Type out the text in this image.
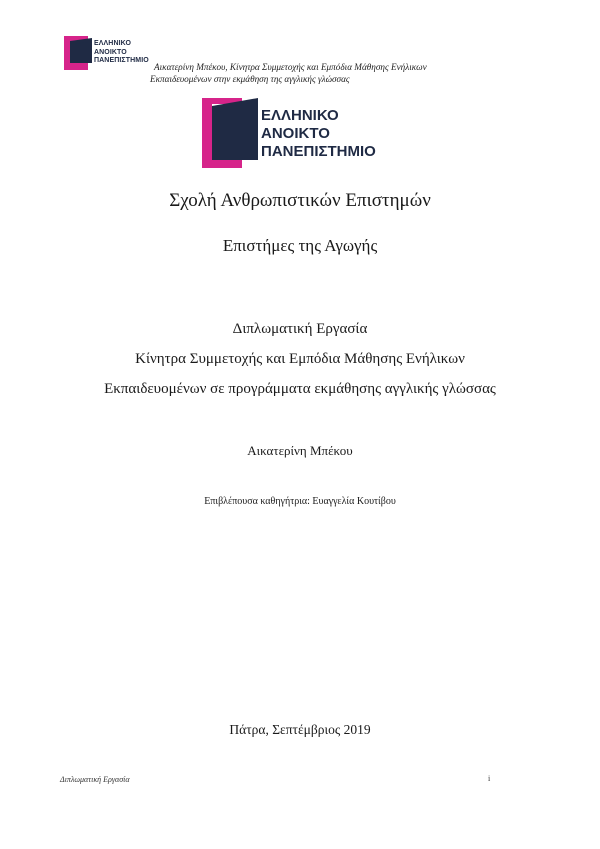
ΕΛΛΗΝΙΚΟ
ΑΝΟΙΚΤΟ
ΠΑΝΕΠΙΣΤΗΜΙΟ
Αικατερίνη Μπέκου, Κίνητρα Συμμετοχής και Εμπόδια Μάθησης Ενήλικων
Εκπαιδευομένων στην εκμάθηση της αγγλικής γλώσσας
ΕΛΛΗΝΙΚΟ
ΑΝΟΙΚΤΟ
ΠΑΝΕΠΙΣΤΗΜΙΟ
Σχολή Ανθρωπιστικών Επιστημών
Επιστήμες της Αγωγής
Διπλωματική Εργασία
Κίνητρα Συμμετοχής και Εμπόδια Μάθησης Ενήλικων
Εκπαιδευομένων σε προγράμματα εκμάθησης αγγλικής γλώσσας
Αικατερίνη Μπέκου
Επιβλέπουσα καθηγήτρια: Ευαγγελία Κουτίβου
Πάτρα, Σεπτέμβριος 2019
Διπλωματική Εργασία	i
